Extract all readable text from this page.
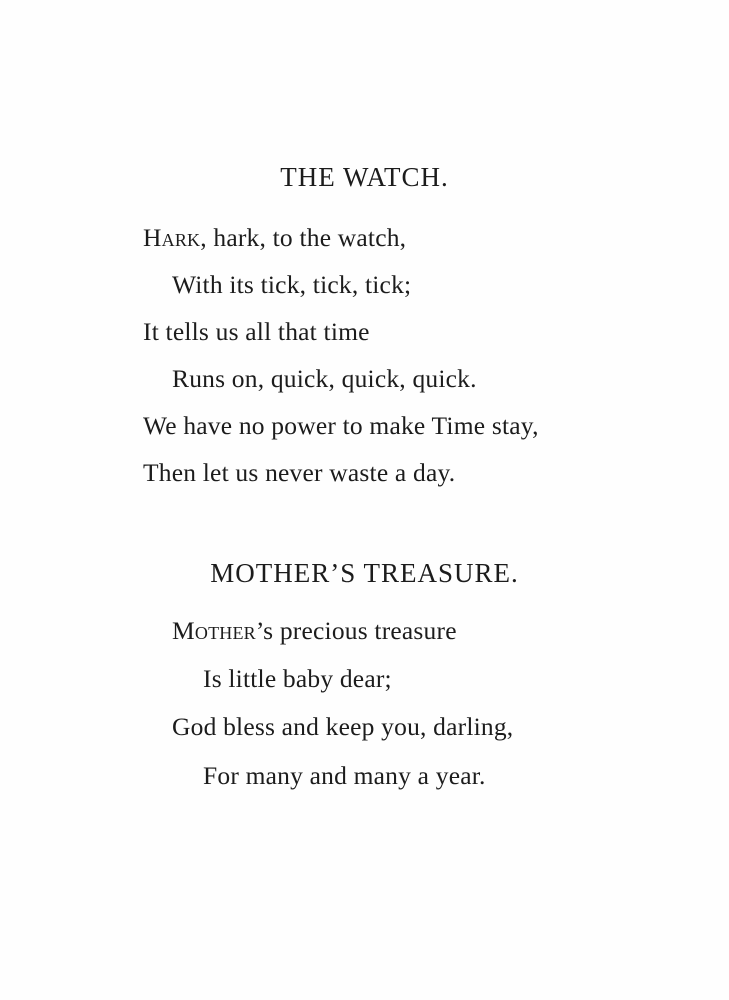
THE WATCH.
Hark, hark, to the watch,
With its tick, tick, tick;
It tells us all that time
Runs on, quick, quick, quick.
We have no power to make Time stay,
Then let us never waste a day.
MOTHER’S TREASURE.
Mother’s precious treasure
Is little baby dear;
God bless and keep you, darling,
For many and many a year.
